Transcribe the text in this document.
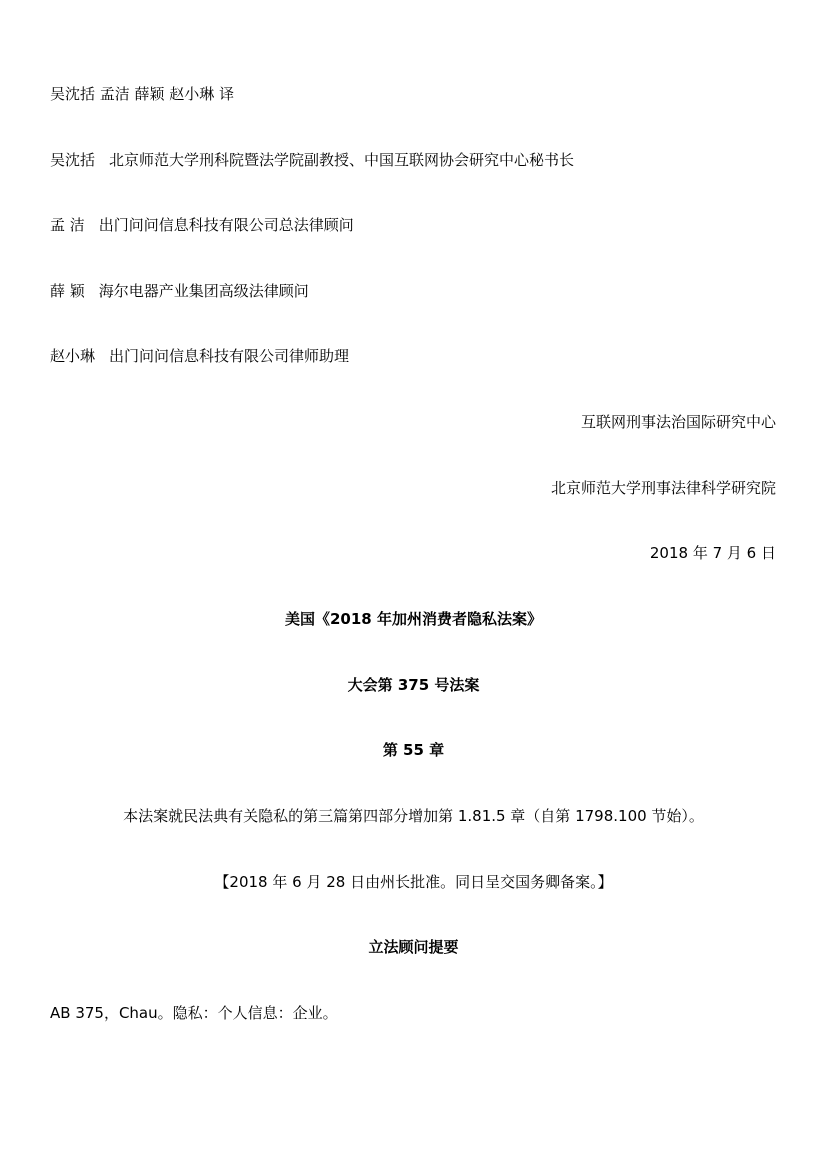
吴沈括 孟洁 薛颖 赵小琳 译
吴沈括 北京师范大学刑科院暨法学院副教授、中国互联网协会研究中心秘书长
孟 洁 出门问问信息科技有限公司总法律顾问
薛 颖 海尔电器产业集团高级法律顾问
赵小琳 出门问问信息科技有限公司律师助理
互联网刑事法治国际研究中心
北京师范大学刑事法律科学研究院
2018 年 7 月 6 日
美国《2018 年加州消费者隐私法案》
大会第 375 号法案
第 55 章
本法案就民法典有关隐私的第三篇第四部分增加第 1.81.5 章（自第 1798.100 节始）。
【2018 年 6 月 28 日由州长批准。同日呈交国务卿备案。】
立法顾问提要
AB 375，Chau。隐私：个人信息：企业。
